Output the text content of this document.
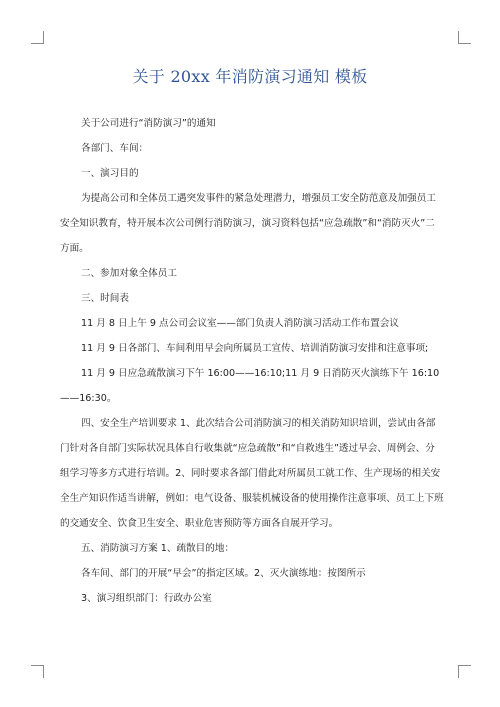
关于 20xx 年消防演习通知 模板

关于公司进行“消防演习”的通知

各部门、车间：

一、演习目的

为提高公司和全体员工遇突发事件的紧急处理潜力，增强员工安全防范意及加强员工安全知识教育，特开展本次公司例行消防演习，演习资料包括“应急疏散”和“消防灭火”二方面。

二、参加对象全体员工

三、时间表

11 月 8 日上午 9 点公司会议室——部门负责人消防演习活动工作布置会议

11 月 9 日各部门、车间利用早会向所属员工宣传、培训消防演习安排和注意事项;

11 月 9 日应急疏散演习下午 16:00——16:10;11 月 9 日消防灭火演练下午 16:10——16:30。

四、安全生产培训要求 1、此次结合公司消防演习的相关消防知识培训，尝试由各部门针对各自部门实际状况具体自行收集就“应急疏散”和“自救逃生”透过早会、周例会、分组学习等多方式进行培训。2、同时要求各部门借此对所属员工就工作、生产现场的相关安全生产知识作适当讲解，例如：电气设备、服装机械设备的使用操作注意事项、员工上下班的交通安全、饮食卫生安全、职业危害预防等方面各自展开学习。

五、消防演习方案 1、疏散目的地：

各车间、部门的开展“早会”的指定区域。2、灭火演练地：按图所示

3、演习组织部门：行政办公室
